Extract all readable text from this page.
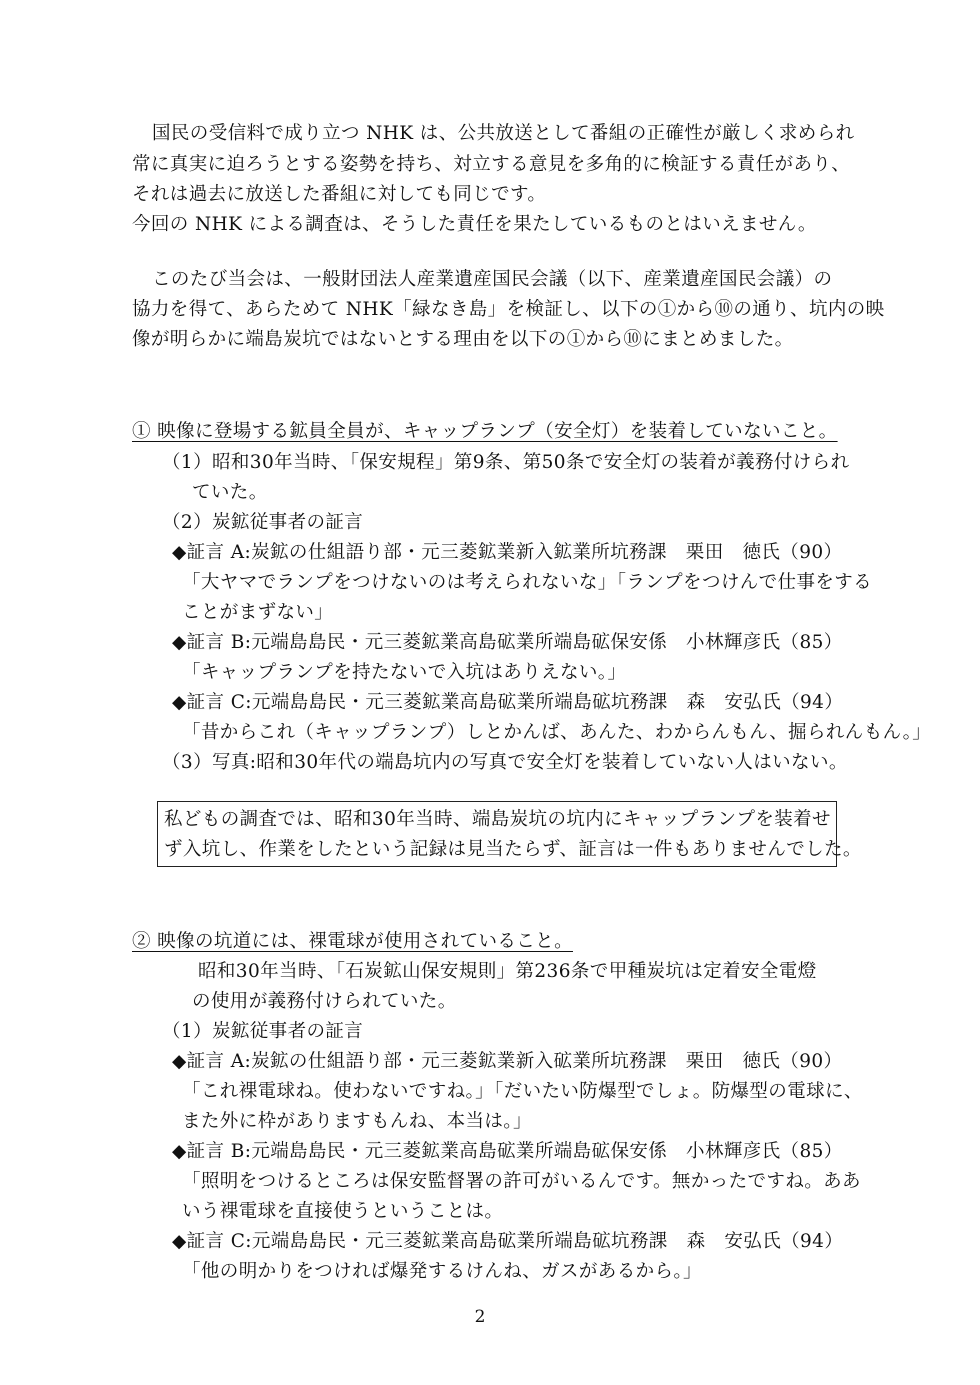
国民の受信料で成り立つ NHK は、公共放送として番組の正確性が厳しく求められ
常に真実に迫ろうとする姿勢を持ち、対立する意見を多角的に検証する責任があり、
それは過去に放送した番組に対しても同じです。
今回の NHK による調査は、そうした責任を果たしているものとはいえません。
このたび当会は、一般財団法人産業遺産国民会議（以下、産業遺産国民会議）の
協力を得て、あらためて NHK「緑なき島」を検証し、以下の①から⑩の通り、坑内の映
像が明らかに端島炭坑ではないとする理由を以下の①から⑩にまとめました。
① 映像に登場する鉱員全員が、キャップランプ（安全灯）を装着していないこと。
（1）昭和30年当時、「保安規程」第9条、第50条で安全灯の装着が義務付けられ
ていた。
（2）炭鉱従事者の証言
◆証言 A:炭鉱の仕組語り部・元三菱鉱業新入鉱業所坑務課　栗田　徳氏（90）
「大ヤマでランプをつけないのは考えられないな」「ランプをつけんで仕事をする
ことがまずない」
◆証言 B:元端島島民・元三菱鉱業高島砿業所端島砿保安係　小林輝彦氏（85）
「キャップランプを持たないで入坑はありえない。」
◆証言 C:元端島島民・元三菱鉱業高島砿業所端島砿坑務課　森　安弘氏（94）
「昔からこれ（キャップランプ）しとかんば、あんた、わからんもん、掘られんもん。」
（3）写真:昭和30年代の端島坑内の写真で安全灯を装着していない人はいない。
私どもの調査では、昭和30年当時、端島炭坑の坑内にキャップランプを装着せ
ず入坑し、作業をしたという記録は見当たらず、証言は一件もありませんでした。
② 映像の坑道には、裸電球が使用されていること。
昭和30年当時、「石炭鉱山保安規則」第236条で甲種炭坑は定着安全電燈
の使用が義務付けられていた。
（1）炭鉱従事者の証言
◆証言 A:炭鉱の仕組語り部・元三菱鉱業新入砿業所坑務課　栗田　徳氏（90）
「これ裸電球ね。使わないですね。」「だいたい防爆型でしょ。防爆型の電球に、
また外に枠がありますもんね、本当は。」
◆証言 B:元端島島民・元三菱鉱業高島砿業所端島砿保安係　小林輝彦氏（85）
「照明をつけるところは保安監督署の許可がいるんです。無かったですね。ああ
いう裸電球を直接使うということは。
◆証言 C:元端島島民・元三菱鉱業高島砿業所端島砿坑務課　森　安弘氏（94）
「他の明かりをつければ爆発するけんね、ガスがあるから。」
2
